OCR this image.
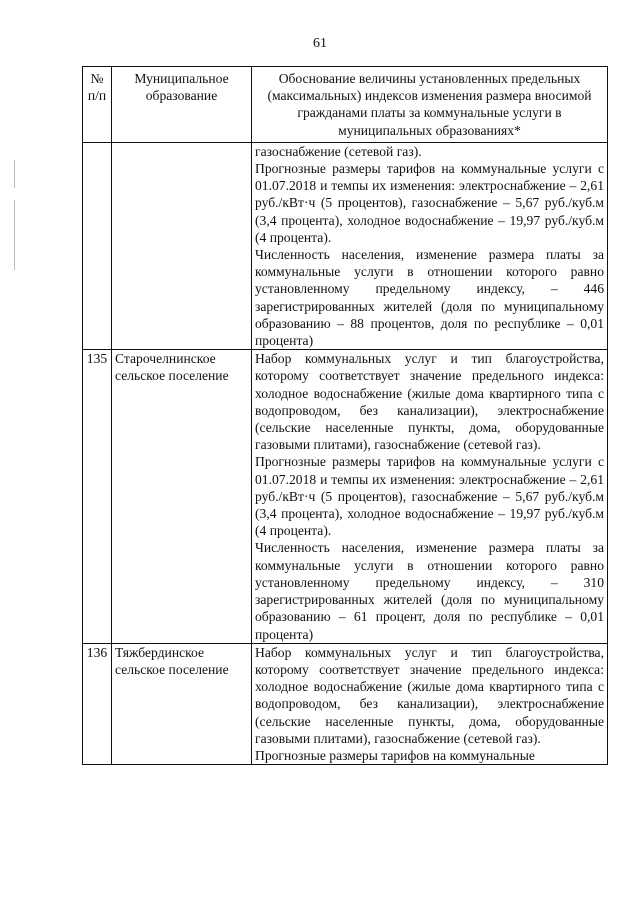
61
№ п/п	Муниципальное образование	Обоснование величины установленных предельных (максимальных) индексов изменения размера вносимой гражданами платы за коммунальные услуги в муниципальных образованиях*

		газоснабжение (сетевой газ).

Прогнозные размеры тарифов на коммунальные услуги с 01.07.2018 и темпы их изменения: электроснабжение – 2,61 руб./кВт·ч (5 процентов), газоснабжение – 5,67 руб./куб.м (3,4 процента), холодное водоснабжение – 19,97 руб./куб.м (4 процента).

Численность населения, изменение размера платы за коммунальные услуги в отношении которого равно установленному предельному индексу, – 446 зарегистрированных жителей (доля по муниципальному образованию – 88 процентов, доля по республике – 0,01 процента)

135	Старочелнинское сельское поселение	Набор коммунальных услуг и тип благоустройства, которому соответствует значение предельного индекса: холодное водоснабжение (жилые дома квартирного типа с водопроводом, без канализации), электроснабжение (сельские населенные пункты, дома, оборудованные газовыми плитами), газоснабжение (сетевой газ).

Прогнозные размеры тарифов на коммунальные услуги с 01.07.2018 и темпы их изменения: электроснабжение – 2,61 руб./кВт·ч (5 процентов), газоснабжение – 5,67 руб./куб.м (3,4 процента), холодное водоснабжение – 19,97 руб./куб.м (4 процента).

Численность населения, изменение размера платы за коммунальные услуги в отношении которого равно установленному предельному индексу, – 310 зарегистрированных жителей (доля по муниципальному образованию – 61 процент, доля по республике – 0,01 процента)

136	Тяжбердинское сельское поселение	Набор коммунальных услуг и тип благоустройства, которому соответствует значение предельного индекса: холодное водоснабжение (жилые дома квартирного типа с водопроводом, без канализации), электроснабжение (сельские населенные пункты, дома, оборудованные газовыми плитами), газоснабжение (сетевой газ).

Прогнозные размеры тарифов на коммунальные
